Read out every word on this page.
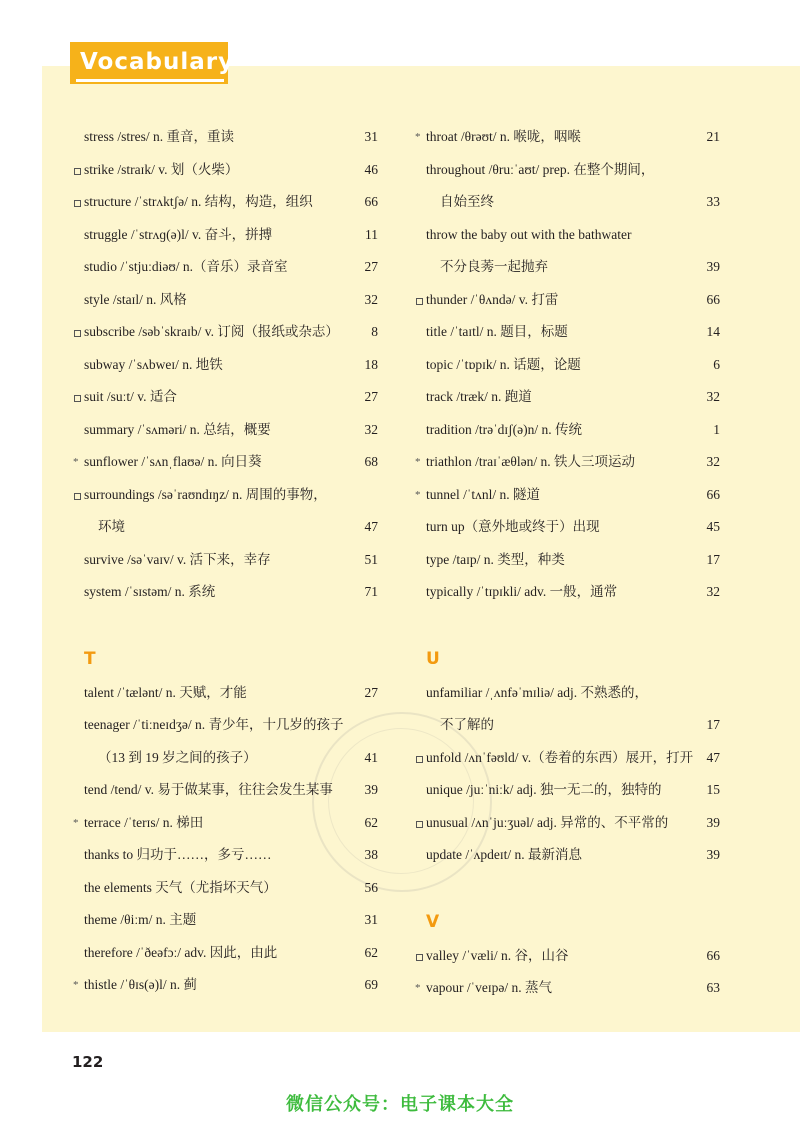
Vocabulary
stress /stres/ n. 重音，重读	31
strike /straɪk/ v. 划（火柴）	46
structure /ˈstrʌktʃə/ n. 结构，构造，组织	66
struggle /ˈstrʌɡ(ə)l/ v. 奋斗，拼搏	11
studio /ˈstjuːdiəʊ/ n.（音乐）录音室	27
style /staɪl/ n. 风格	32
subscribe /səbˈskraɪb/ v. 订阅（报纸或杂志） 8
subway /ˈsʌbweɪ/ n. 地铁	18
suit /suːt/ v. 适合	27
summary /ˈsʌməri/ n. 总结，概要	32
* sunflower /ˈsʌnˌflaʊə/ n. 向日葵	68
surroundings /səˈraʊndɪŋz/ n. 周围的事物，
环境	47
survive /səˈvaɪv/ v. 活下来，幸存	51
system /ˈsɪstəm/ n. 系统	71
T
talent /ˈtælənt/ n. 天赋，才能	27
teenager /ˈtiːneɪdʒə/ n. 青少年，十几岁的孩子
（13 到 19 岁之间的孩子）	41
tend /tend/ v. 易于做某事，往往会发生某事 39
* terrace /ˈterɪs/ n. 梯田	62
thanks to 归功于……，多亏……	38
the elements 天气（尤指坏天气）	56
theme /θiːm/ n. 主题	31
therefore /ˈðeəfɔː/ adv. 因此，由此	62
* thistle /ˈθɪs(ə)l/ n. 蓟	69
* throat /θrəʊt/ n. 喉咙，咽喉	21
throughout /θruːˈaʊt/ prep. 在整个期间，
自始至终	33
throw the baby out with the bathwater
不分良莠一起抛弃	39
thunder /ˈθʌndə/ v. 打雷	66
title /ˈtaɪtl/ n. 题目，标题	14
topic /ˈtɒpɪk/ n. 话题，论题	6
track /træk/ n. 跑道	32
tradition /trəˈdɪʃ(ə)n/ n. 传统	1
* triathlon /traɪˈæθlən/ n. 铁人三项运动	32
* tunnel /ˈtʌnl/ n. 隧道	66
turn up（意外地或终于）出现	45
type /taɪp/ n. 类型，种类	17
typically /ˈtɪpɪkli/ adv. 一般，通常	32
U
unfamiliar /ˌʌnfəˈmɪliə/ adj. 不熟悉的，
不了解的	17
unfold /ʌnˈfəʊld/ v.（卷着的东西）展开，打开 47
unique /juːˈniːk/ adj. 独一无二的，独特的	15
unusual /ʌnˈjuːʒuəl/ adj. 异常的、不平常的	39
update /ˈʌpdeɪt/ n. 最新消息	39
V
valley /ˈvæli/ n. 谷，山谷	66
* vapour /ˈveɪpə/ n. 蒸气	63
122
微信公众号：电子课本大全
